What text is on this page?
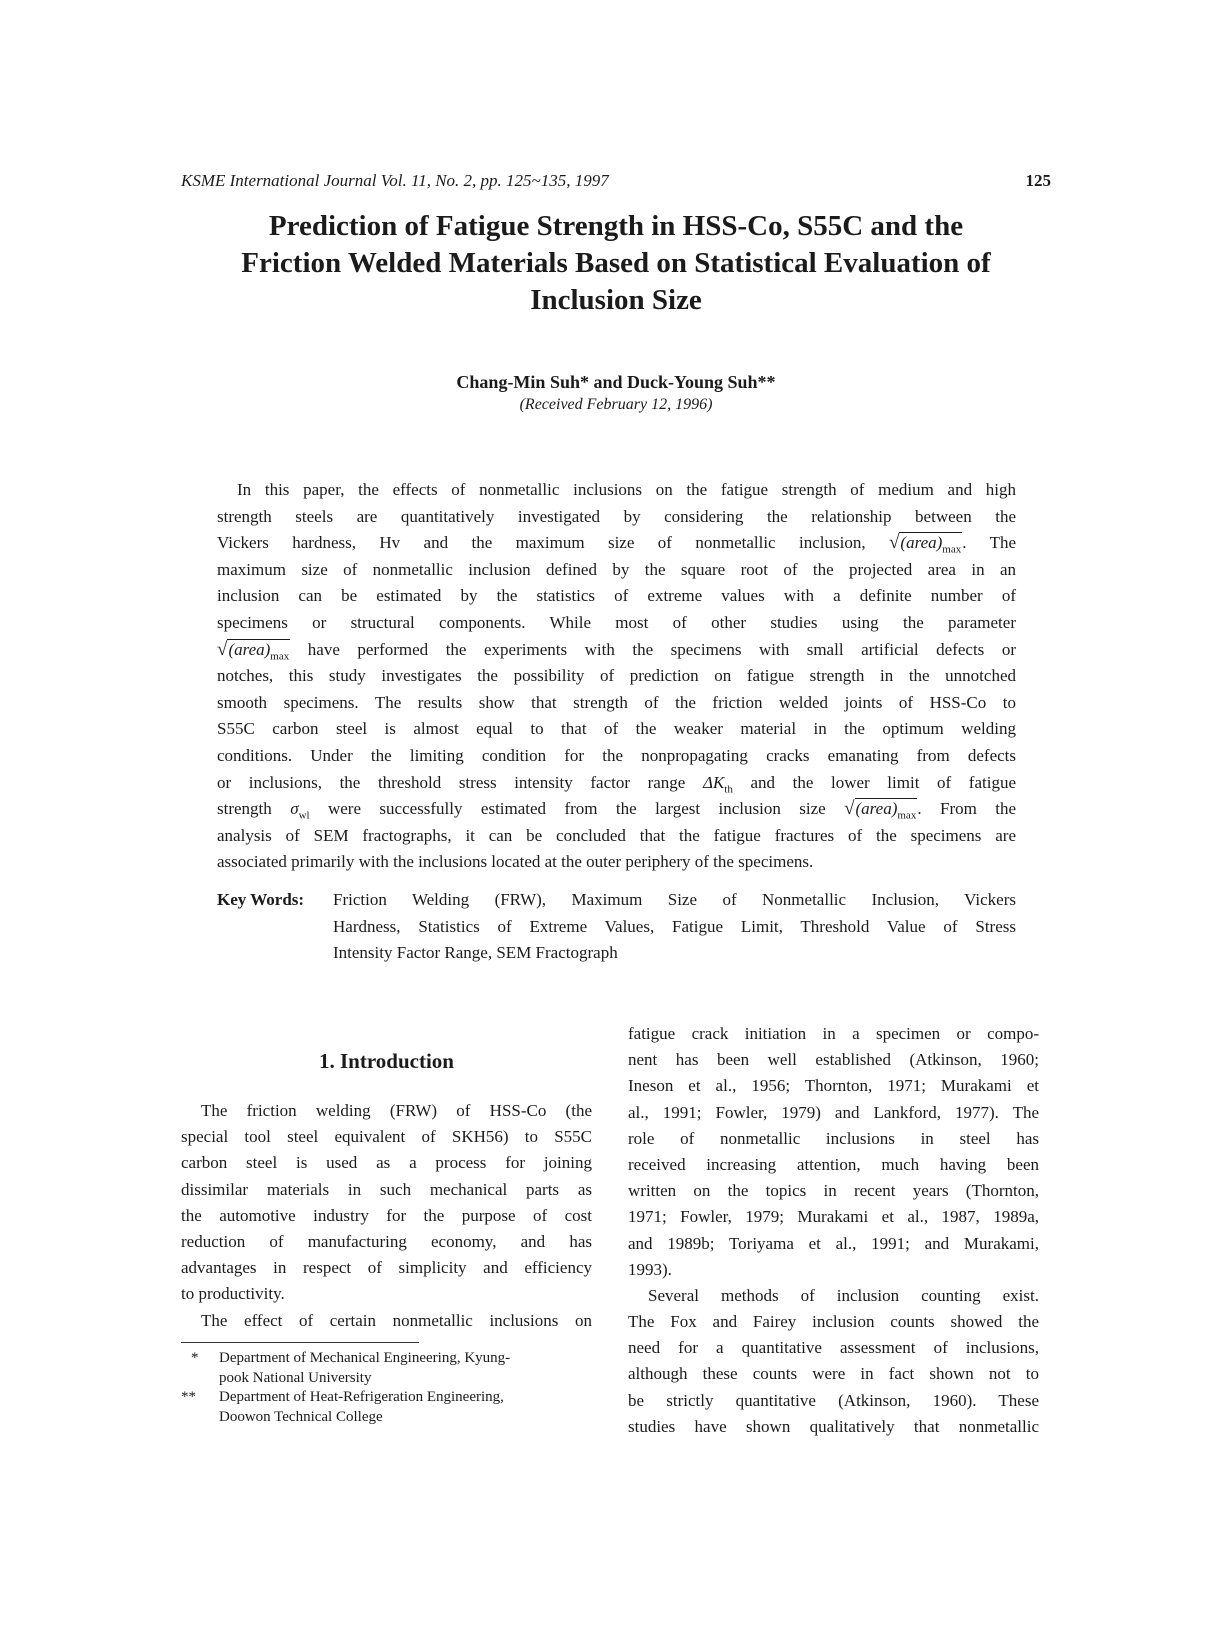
KSME International Journal Vol. 11, No. 2, pp. 125~135, 1997	125
Prediction of Fatigue Strength in HSS-Co, S55C and the
Friction Welded Materials Based on Statistical Evaluation of
Inclusion Size
Chang-Min Suh* and Duck-Young Suh**
(Received February 12, 1996)
In this paper, the effects of nonmetallic inclusions on the fatigue strength of medium and high
strength steels are quantitatively investigated by considering the relationship between the
Vickers hardness, Hv and the maximum size of nonmetallic inclusion, $√(area)_{max}$. The
maximum size of nonmetallic inclusion defined by the square root of the projected area in an
inclusion can be estimated by the statistics of extreme values with a definite number of
specimens or structural components. While most of other studies using the parameter
$√(area)_{max}$ have performed the experiments with the specimens with small artificial defects or
notches, this study investigates the possibility of prediction on fatigue strength in the unnotched
smooth specimens. The results show that strength of the friction welded joints of HSS-Co to
S55C carbon steel is almost equal to that of the weaker material in the optimum welding
conditions. Under the limiting condition for the nonpropagating cracks emanating from defects
or inclusions, the threshold stress intensity factor range $\Delta K_{th}$ and the lower limit of fatigue
strength $\sigma_{wl}$ were successfully estimated from the largest inclusion size $√(area)_{max}$. From the
analysis of SEM fractographs, it can be concluded that the fatigue fractures of the specimens are
associated primarily with the inclusions located at the outer periphery of the specimens.
Key Words: Friction Welding (FRW), Maximum Size of Nonmetallic Inclusion, Vickers
Hardness, Statistics of Extreme Values, Fatigue Limit, Threshold Value of Stress
Intensity Factor Range, SEM Fractograph
1. Introduction
The friction welding (FRW) of HSS-Co (the
special tool steel equivalent of SKH56) to S55C
carbon steel is used as a process for joining
dissimilar materials in such mechanical parts as
the automotive industry for the purpose of cost
reduction of manufacturing economy, and has
advantages in respect of simplicity and efficiency
to productivity.
The effect of certain nonmetallic inclusions on
* Department of Mechanical Engineering, Kyung-
pook National University
** Department of Heat-Refrigeration Engineering,
Doowon Technical College
fatigue crack initiation in a specimen or compo-
nent has been well established (Atkinson, 1960;
Ineson et al., 1956; Thornton, 1971; Murakami et
al., 1991; Fowler, 1979) and Lankford, 1977). The
role of nonmetallic inclusions in steel has
received increasing attention, much having been
written on the topics in recent years (Thornton,
1971; Fowler, 1979; Murakami et al., 1987, 1989a,
and 1989b; Toriyama et al., 1991; and Murakami,
1993).
Several methods of inclusion counting exist.
The Fox and Fairey inclusion counts showed the
need for a quantitative assessment of inclusions,
although these counts were in fact shown not to
be strictly quantitative (Atkinson, 1960). These
studies have shown qualitatively that nonmetallic
